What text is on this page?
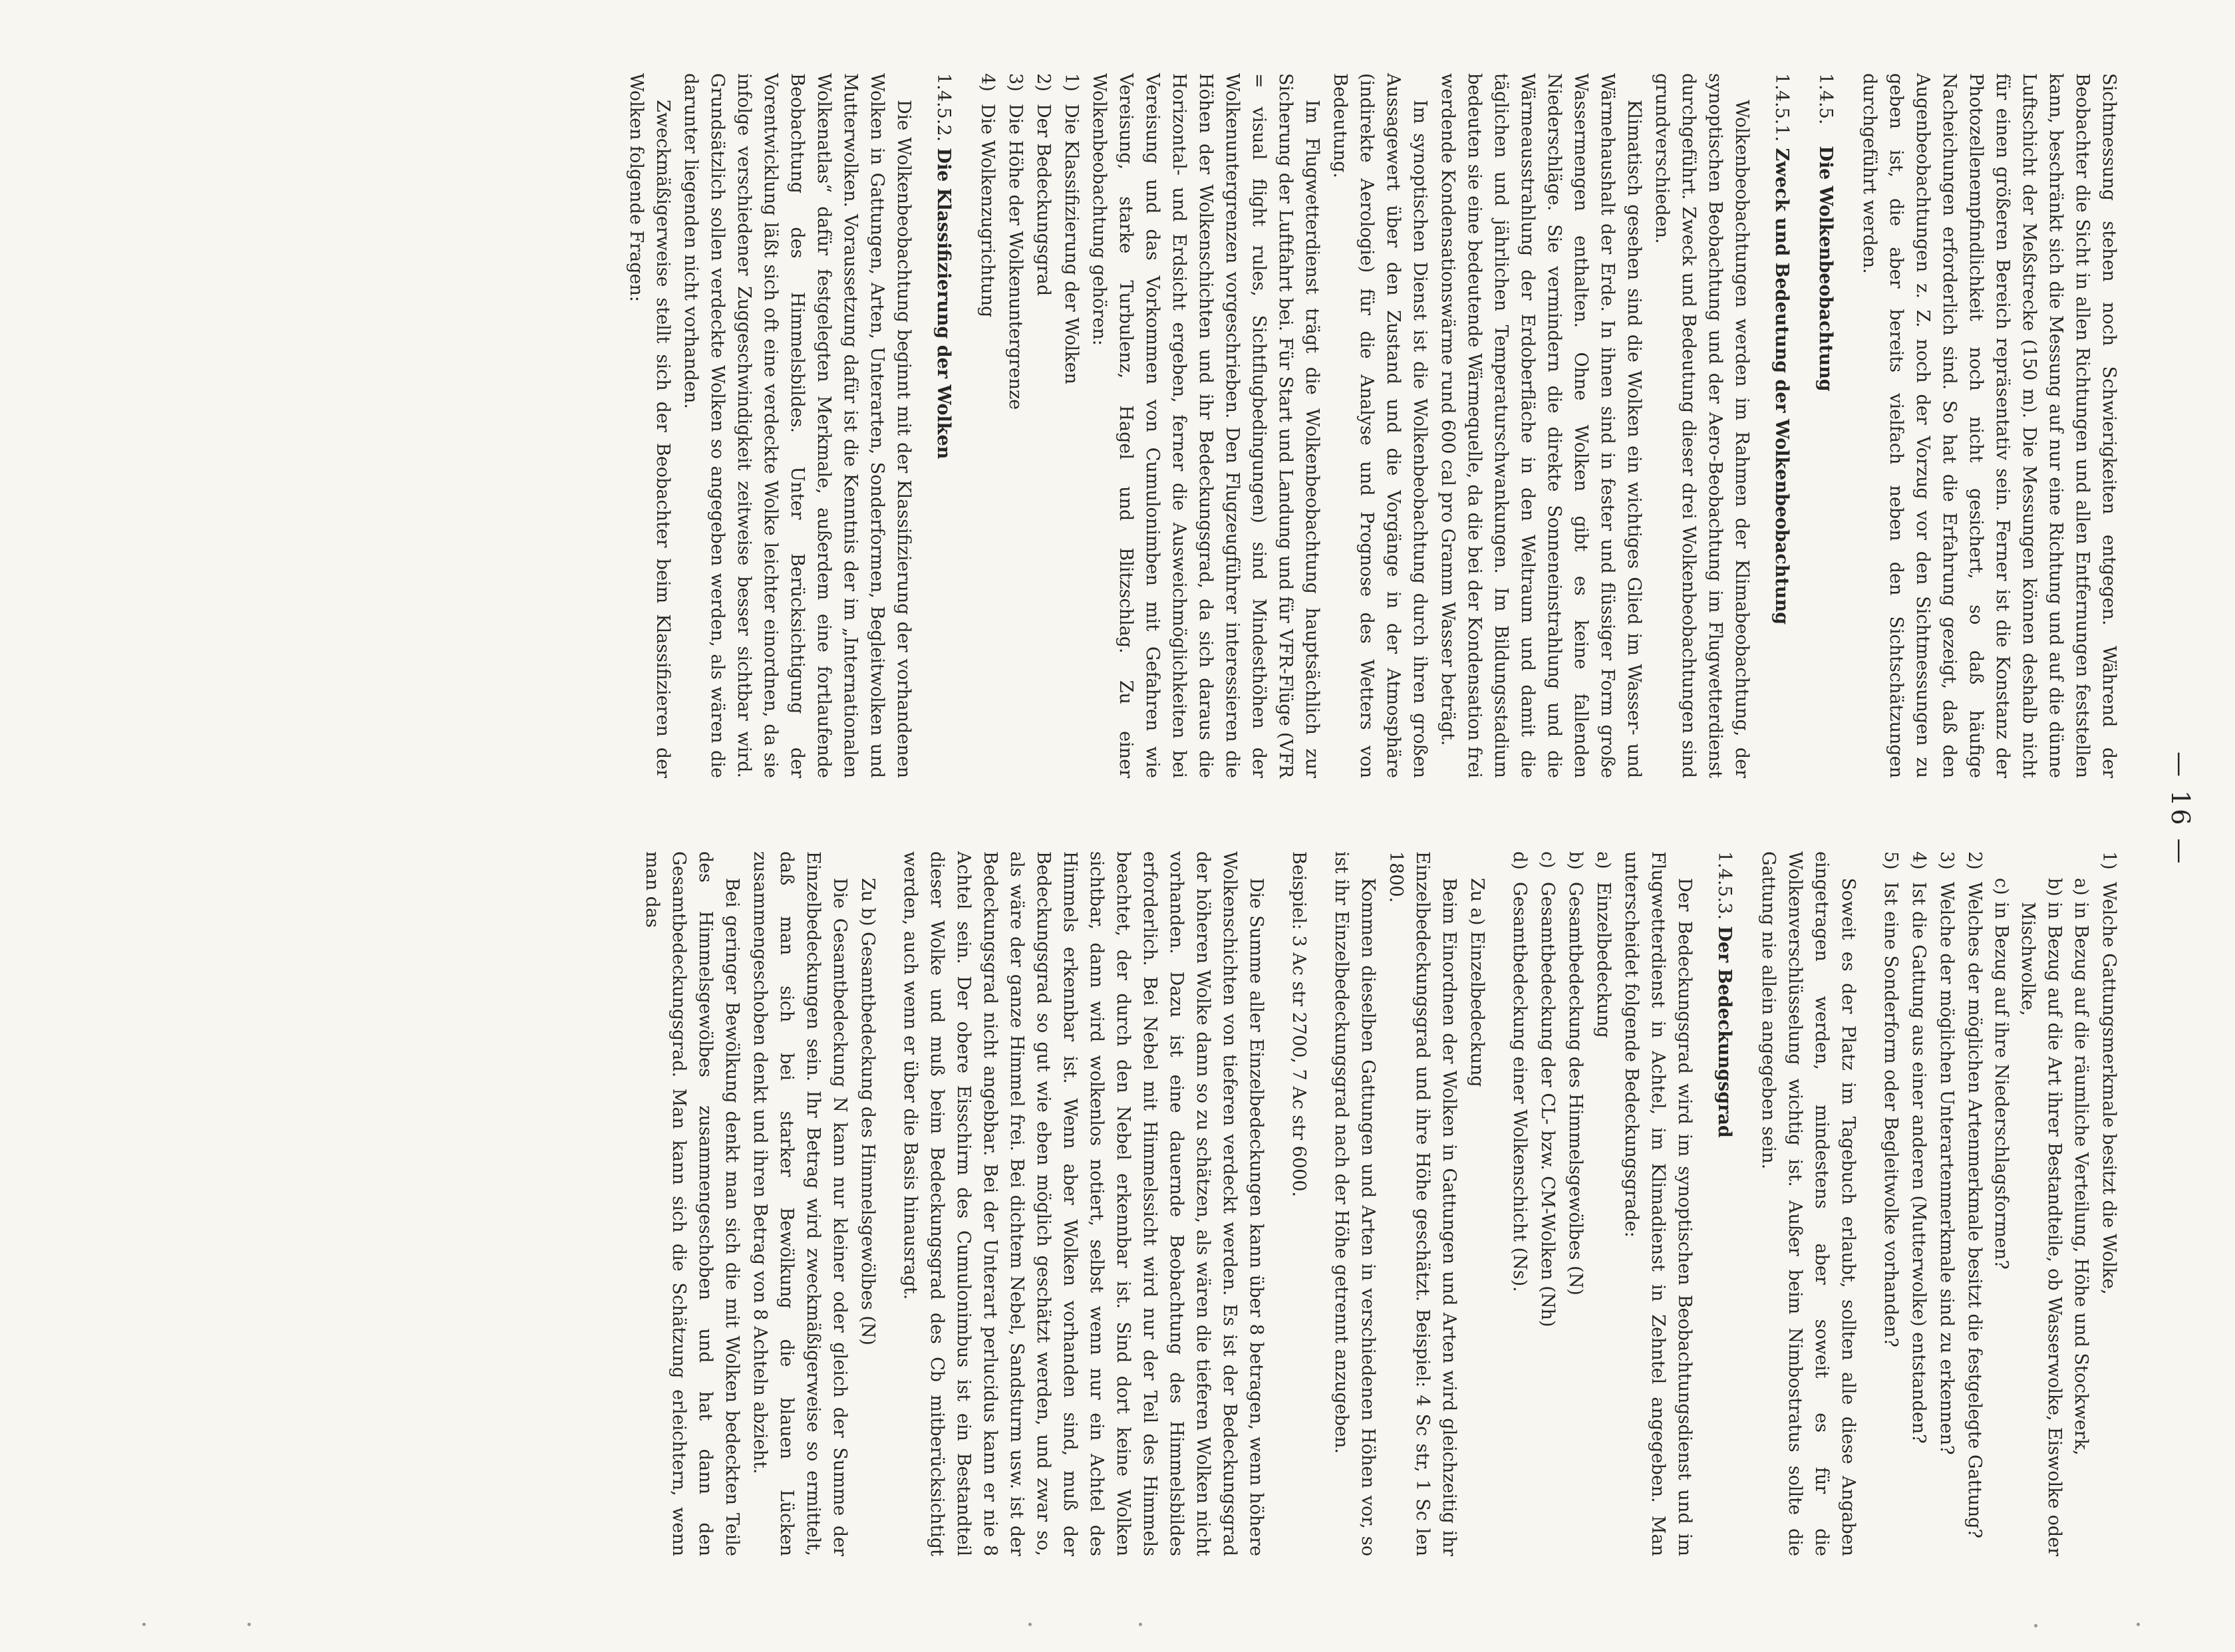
— 16 —

Sichtmessung stehen noch Schwierigkeiten entgegen. Während der Beobachter die Sicht in allen Richtungen und allen Entfernungen feststellen kann, beschränkt sich die Messung auf nur eine Richtung und auf die dünne Luftschicht der Meßstrecke (150 m). Die Messungen können deshalb nicht für einen größeren Bereich repräsentativ sein. Ferner ist die Konstanz der Photozellenempfindlichkeit noch nicht gesichert, so daß häufige Nacheichungen erforderlich sind. So hat die Erfahrung gezeigt, daß den Augenbeobachtungen z. Z. noch der Vorzug vor den Sichtmessungen zu geben ist, die aber bereits vielfach neben den Sichtschätzungen durchgeführt werden.

1.4.5. Die Wolkenbeobachtung
1.4.5.1. Zweck und Bedeutung der Wolkenbeobachtung

Wolkenbeobachtungen werden im Rahmen der Klimabeobachtung, der synoptischen Beobachtung und der Aero-Beobachtung im Flugwetterdienst durchgeführt. Zweck und Bedeutung dieser drei Wolkenbeobachtungen sind grundverschieden.

Klimatisch gesehen sind die Wolken ein wichtiges Glied im Wasser- und Wärmehaushalt der Erde. In ihnen sind in fester und flüssiger Form große Wassermengen enthalten. Ohne Wolken gibt es keine fallenden Niederschläge. Sie vermindern die direkte Sonneneinstrahlung und die Wärmeausstrahlung der Erdoberfläche in den Weltraum und damit die täglichen und jährlichen Temperaturschwankungen. Im Bildungsstadium bedeuten sie eine bedeutende Wärmequelle, da die bei der Kondensation frei werdende Kondensationswärme rund 600 cal pro Gramm Wasser beträgt.

Im synoptischen Dienst ist die Wolkenbeobachtung durch ihren großen Aussagewert über den Zustand und die Vorgänge in der Atmosphäre (indirekte Aerologie) für die Analyse und Prognose des Wetters von Bedeutung.

Im Flugwetterdienst trägt die Wolkenbeobachtung hauptsächlich zur Sicherung der Luftfahrt bei. Für Start und Landung und für VFR-Flüge (VFR = visual flight rules, Sichtflugbedingungen) sind Mindesthöhen der Wolkenuntergrenzen vorgeschrieben. Den Flugzeugführer interessieren die Höhen der Wolkenschichten und ihr Bedeckungsgrad, da sich daraus die Horizontal- und Erdsicht ergeben, ferner die Ausweichmöglichkeiten bei Vereisung und das Vorkommen von Cumulonimben mit Gefahren wie Vereisung, starke Turbulenz, Hagel und Blitzschlag. Zu einer Wolkenbeobachtung gehören:

1)
Die Klassifizierung der Wolken
2)
Der Bedeckungsgrad
3)
Die Höhe der Wolkenuntergrenze
4)
Die Wolkenzugrichtung
1.4.5.2. Die Klassifizierung der Wolken

Die Wolkenbeobachtung beginnt mit der Klassifizierung der vorhandenen Wolken in Gattungen, Arten, Unterarten, Sonderformen, Begleitwolken und Mutterwolken. Voraussetzung dafür ist die Kenntnis der im „Internationalen Wolkenatlas“ dafür festgelegten Merkmale, außerdem eine fortlaufende Beobachtung des Himmelsbildes. Unter Berücksichtigung der Vorentwicklung läßt sich oft eine verdeckte Wolke leichter einordnen, da sie infolge verschiedener Zuggeschwindigkeit zeitweise besser sichtbar wird. Grundsätzlich sollen verdeckte Wolken so angegeben werden, als wären die darunter liegenden nicht vorhanden.

Zweckmäßigerweise stellt sich der Beobachter beim Klassifizieren der Wolken folgende Fragen:

1)
Welche Gattungsmerkmale besitzt die Wolke,
a)
in Bezug auf die räumliche Verteilung, Höhe und Stockwerk,
b)
in Bezug auf die Art ihrer Bestandteile, ob Wasserwolke, Eiswolke oder Mischwolke,
c)
in Bezug auf ihre Niederschlagsformen?
2)
Welches der möglichen Artenmerkmale besitzt die festgelegte Gattung?
3)
Welche der möglichen Unterartenmerkmale sind zu erkennen?
4)
Ist die Gattung aus einer anderen (Mutterwolke) entstanden?
5)
Ist eine Sonderform oder Begleitwolke vorhanden?

Soweit es der Platz im Tagebuch erlaubt, sollten alle diese Angaben eingetragen werden, mindestens aber soweit es für die Wolkenverschlüsselung wichtig ist. Außer beim Nimbostratus sollte die Gattung nie allein angegeben sein.

1.4.5.3. Der Bedeckungsgrad

Der Bedeckungsgrad wird im synoptischen Beobachtungsdienst und im Flugwetterdienst in Achtel, im Klimadienst in Zehntel angegeben. Man unterscheidet folgende Bedeckungsgrade:

a)
Einzelbedeckung
b)
Gesamtbedeckung des Himmelsgewölbes (N)
c)
Gesamtbedeckung der CL- bzw. CM-Wolken (Nh)
d)
Gesamtbedeckung einer Wolkenschicht (Ns).

Zu a) Einzelbedeckung

Beim Einordnen der Wolken in Gattungen und Arten wird gleichzeitig ihr Einzelbedeckungsgrad und ihre Höhe geschätzt. Beispiel: 4 Sc str, 1 Sc len 1800.

Kommen dieselben Gattungen und Arten in verschiedenen Höhen vor, so ist ihr Einzelbedeckungsgrad nach der Höhe getrennt anzugeben.

Beispiel: 3 Ac str 2700, 7 Ac str 6000.

Die Summe aller Einzelbedeckungen kann über 8 betragen, wenn höhere Wolkenschichten von tieferen verdeckt werden. Es ist der Bedeckungsgrad der höheren Wolke dann so zu schätzen, als wären die tieferen Wolken nicht vorhanden. Dazu ist eine dauernde Beobachtung des Himmelsbildes erforderlich. Bei Nebel mit Himmelssicht wird nur der Teil des Himmels beachtet, der durch den Nebel erkennbar ist. Sind dort keine Wolken sichtbar, dann wird wolkenlos notiert, selbst wenn nur ein Achtel des Himmels erkennbar ist. Wenn aber Wolken vorhanden sind, muß der Bedeckungsgrad so gut wie eben möglich geschätzt werden, und zwar so, als wäre der ganze Himmel frei. Bei dichtem Nebel, Sandsturm usw. ist der Bedeckungsgrad nicht angebbar. Bei der Unterart perlucidus kann er nie 8 Achtel sein. Der obere Eisschirm des Cumulonimbus ist ein Bestandteil dieser Wolke und muß beim Bedeckungsgrad des Cb mitberücksichtigt werden, auch wenn er über die Basis hinausragt.

Zu b) Gesamtbedeckung des Himmelsgewölbes (N)

Die Gesamtbedeckung N kann nur kleiner oder gleich der Summe der Einzelbedeckungen sein. Ihr Betrag wird zweckmäßigerweise so ermittelt, daß man sich bei starker Bewölkung die blauen Lücken zusammengeschoben denkt und ihren Betrag von 8 Achteln abzieht.

Bei geringer Bewölkung denkt man sich die mit Wolken bedeckten Teile des Himmelsgewölbes zusammengeschoben und hat dann den Gesamtbedeckungsgrad. Man kann sich die Schätzung erleichtern, wenn man das
